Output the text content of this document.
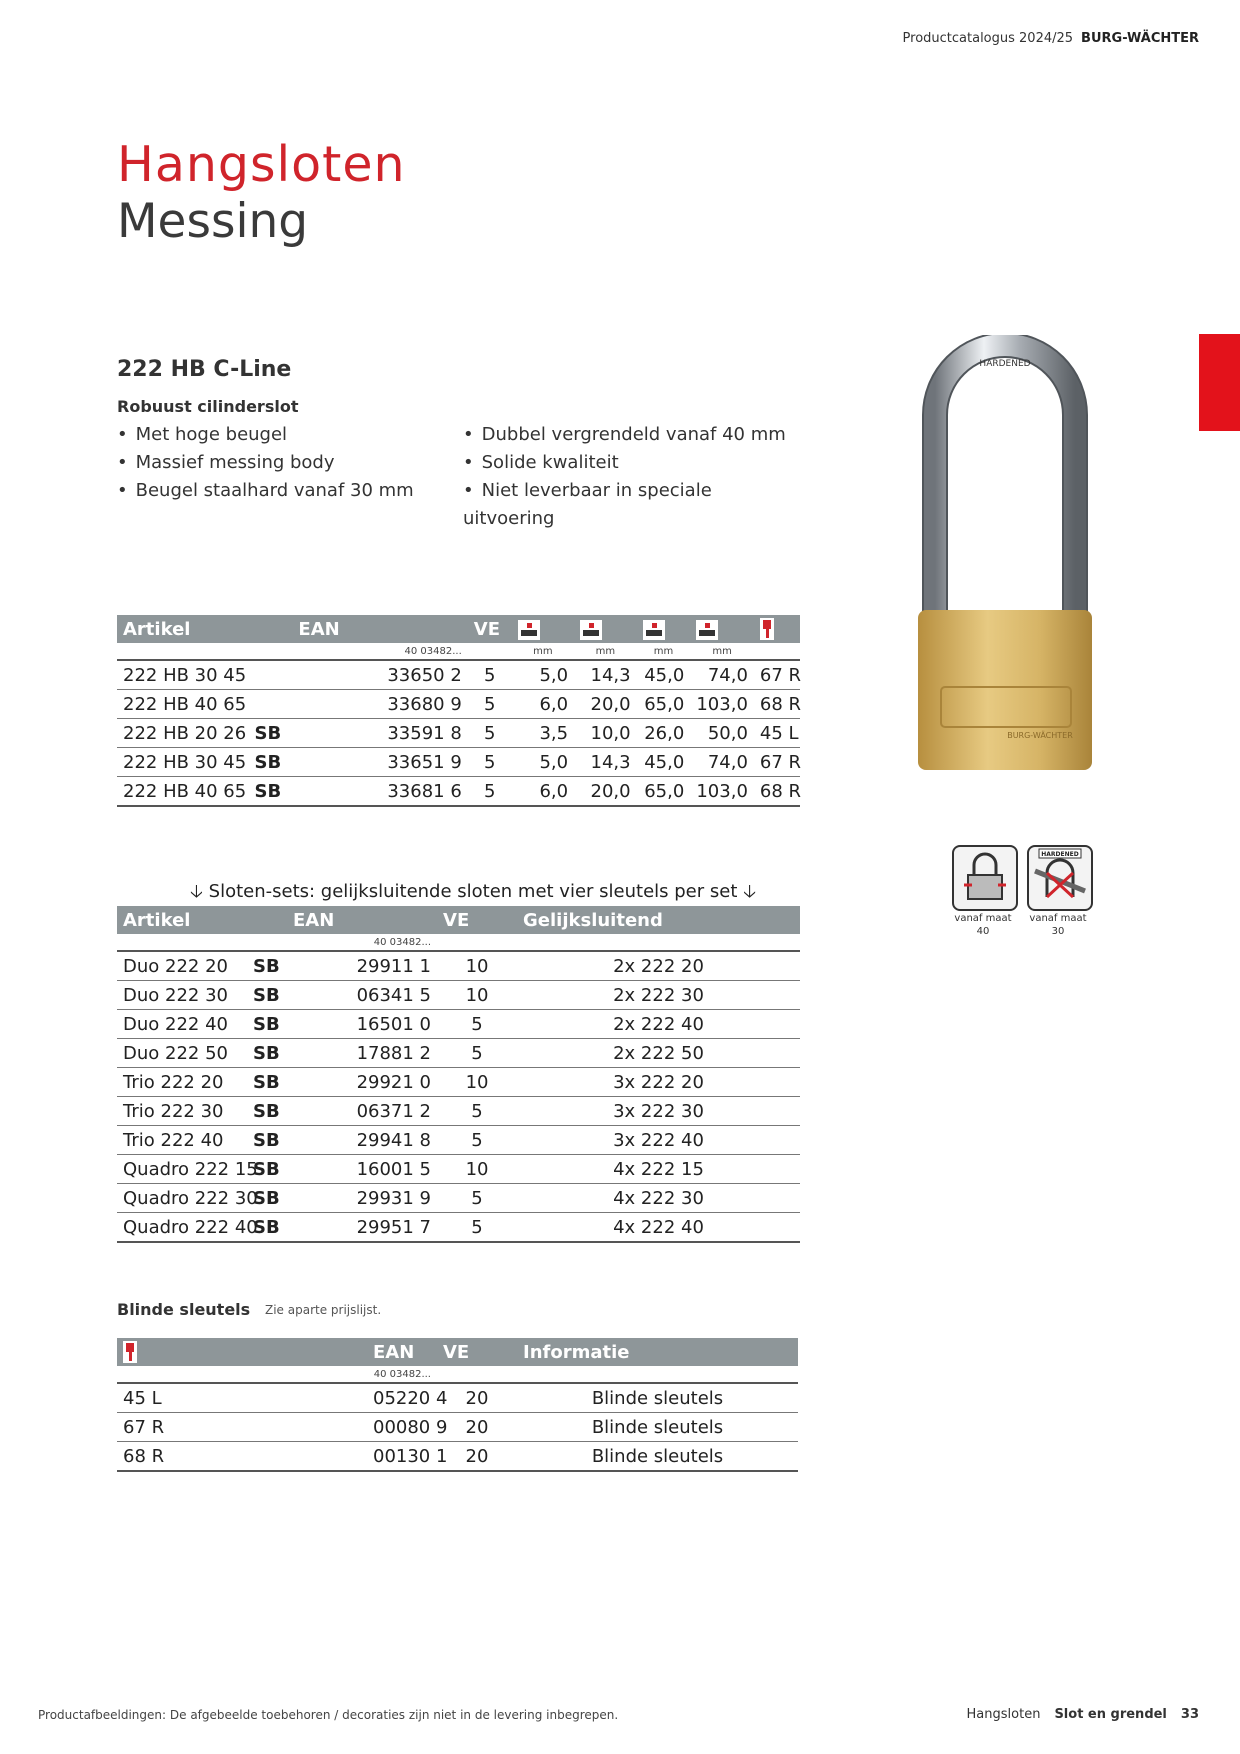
Productcatalogus 2024/25 BURG-WÄCHTER
Hangsloten
Messing
222 HB C-Line
Robuust cilinderslot
• Met hoge beugel
• Massief messing body
• Beugel staalhard vanaf 30 mm
• Dubbel vergrendeld vanaf 40 mm
• Solide kwaliteit
• Niet leverbaar in speciale uitvoering
HARDENED
BURG-WÄCHTER
HARDENED
vanaf maat
40
vanaf maat
30
Artikel		EAN	VE	

		40 03482...		mm	mm	mm	mm	
222 HB 30 45		33650 2	5	5,0	14,3	45,0	74,0	67 R
222 HB 40 65		33680 9	5	6,0	20,0	65,0	103,0	68 R
222 HB 20 26	SB	33591 8	5	3,5	10,0	26,0	50,0	45 L
222 HB 30 45	SB	33651 9	5	5,0	14,3	45,0	74,0	67 R
222 HB 40 65	SB	33681 6	5	6,0	20,0	65,0	103,0	68 R
🡣 Sloten-sets: gelijksluitende sloten met vier sleutels per set 🡣
Artikel		EAN	VE	Gelijksluitend
		40 03482...		
Duo 222 20	SB	29911 1	10	2x 222 20
Duo 222 30	SB	06341 5	10	2x 222 30
Duo 222 40	SB	16501 0	5	2x 222 40
Duo 222 50	SB	17881 2	5	2x 222 50
Trio 222 20	SB	29921 0	10	3x 222 20
Trio 222 30	SB	06371 2	5	3x 222 30
Trio 222 40	SB	29941 8	5	3x 222 40
Quadro 222 15	SB	16001 5	10	4x 222 15
Quadro 222 30	SB	29931 9	5	4x 222 30
Quadro 222 40	SB	29951 7	5	4x 222 40
Blinde sleutels Zie aparte prijslijst.
	EAN	VE	Informatie
	40 03482...		
45 L	05220 4	20	Blinde sleutels
67 R	00080 9	20	Blinde sleutels
68 R	00130 1	20	Blinde sleutels
Productafbeeldingen: De afgebeelde toebehoren / decoraties zijn niet in de levering inbegrepen.	Hangsloten Slot en grendel 33
